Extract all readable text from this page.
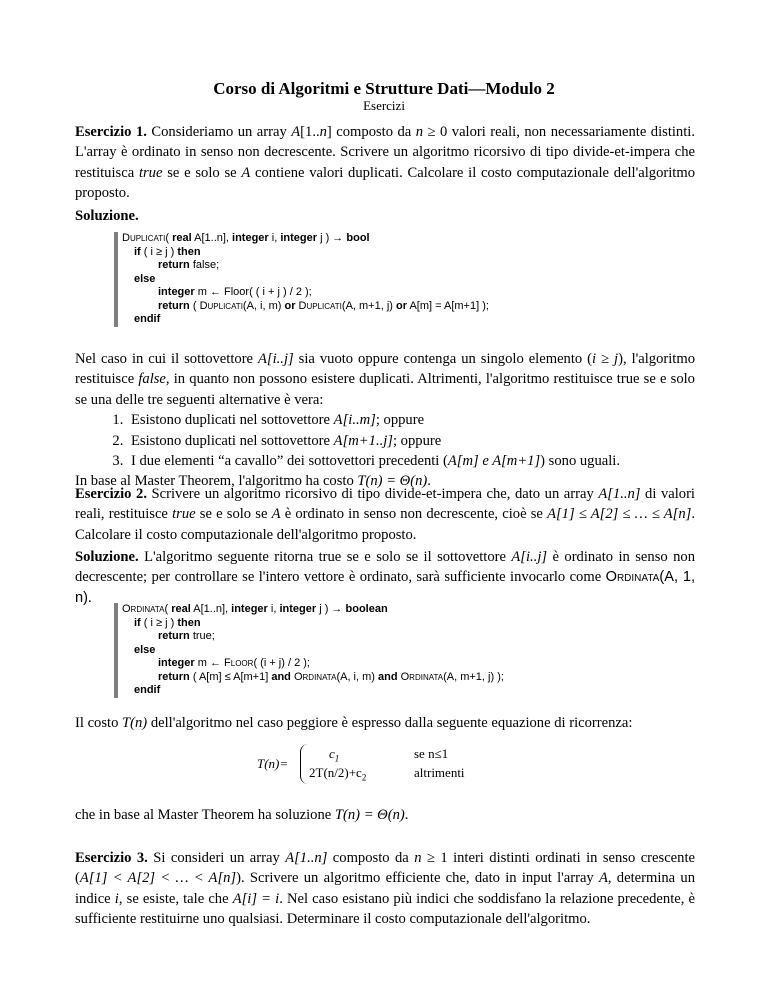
Corso di Algoritmi e Strutture Dati—Modulo 2
Esercizi
Esercizio 1. Consideriamo un array A[1..n] composto da n ≥ 0 valori reali, non necessariamente distinti. L'array è ordinato in senso non decrescente. Scrivere un algoritmo ricorsivo di tipo divide-et-impera che restituisca true se e solo se A contiene valori duplicati. Calcolare il costo computazionale dell'algoritmo proposto.
Soluzione.
Duplicati( real A[1..n], integer i, integer j ) → bool
if ( i ≥ j ) then
return false;
else
integer m ← Floor( ( i + j ) / 2 );
return ( Duplicati(A, i, m) or Duplicati(A, m+1, j) or A[m] = A[m+1] );
endif
Nel caso in cui il sottovettore A[i..j] sia vuoto oppure contenga un singolo elemento (i ≥ j), l'algoritmo restituisce false, in quanto non possono esistere duplicati. Altrimenti, l'algoritmo restituisce true se e solo se una delle tre seguenti alternative è vera:
1. Esistono duplicati nel sottovettore A[i..m]; oppure
2. Esistono duplicati nel sottovettore A[m+1..j]; oppure
3. I due elementi “a cavallo” dei sottovettori precedenti (A[m] e A[m+1]) sono uguali.
In base al Master Theorem, l'algoritmo ha costo T(n) = Θ(n).
Esercizio 2. Scrivere un algoritmo ricorsivo di tipo divide-et-impera che, dato un array A[1..n] di valori reali, restituisce true se e solo se A è ordinato in senso non decrescente, cioè se A[1] ≤ A[2] ≤ … ≤ A[n]. Calcolare il costo computazionale dell'algoritmo proposto.
Soluzione. L'algoritmo seguente ritorna true se e solo se il sottovettore A[i..j] è ordinato in senso non decrescente; per controllare se l'intero vettore è ordinato, sarà sufficiente invocarlo come Ordinata(A, 1, n).
Ordinata( real A[1..n], integer i, integer j ) → boolean
if ( i ≥ j ) then
return true;
else
integer m ← Floor( (i + j) / 2 );
return ( A[m] ≤ A[m+1] and Ordinata(A, i, m) and Ordinata(A, m+1, j) );
endif
Il costo T(n) dell'algoritmo nel caso peggiore è espresso dalla seguente equazione di ricorrenza:
T(n)=
$c_1$
$2T(n/2)+c_2$
se n≤1
altrimenti
che in base al Master Theorem ha soluzione T(n) = Θ(n).
Esercizio 3. Si consideri un array A[1..n] composto da n ≥ 1 interi distinti ordinati in senso crescente (A[1] < A[2] < … < A[n]). Scrivere un algoritmo efficiente che, dato in input l'array A, determina un indice i, se esiste, tale che A[i] = i. Nel caso esistano più indici che soddisfano la relazione precedente, è sufficiente restituirne uno qualsiasi. Determinare il costo computazionale dell'algoritmo.
